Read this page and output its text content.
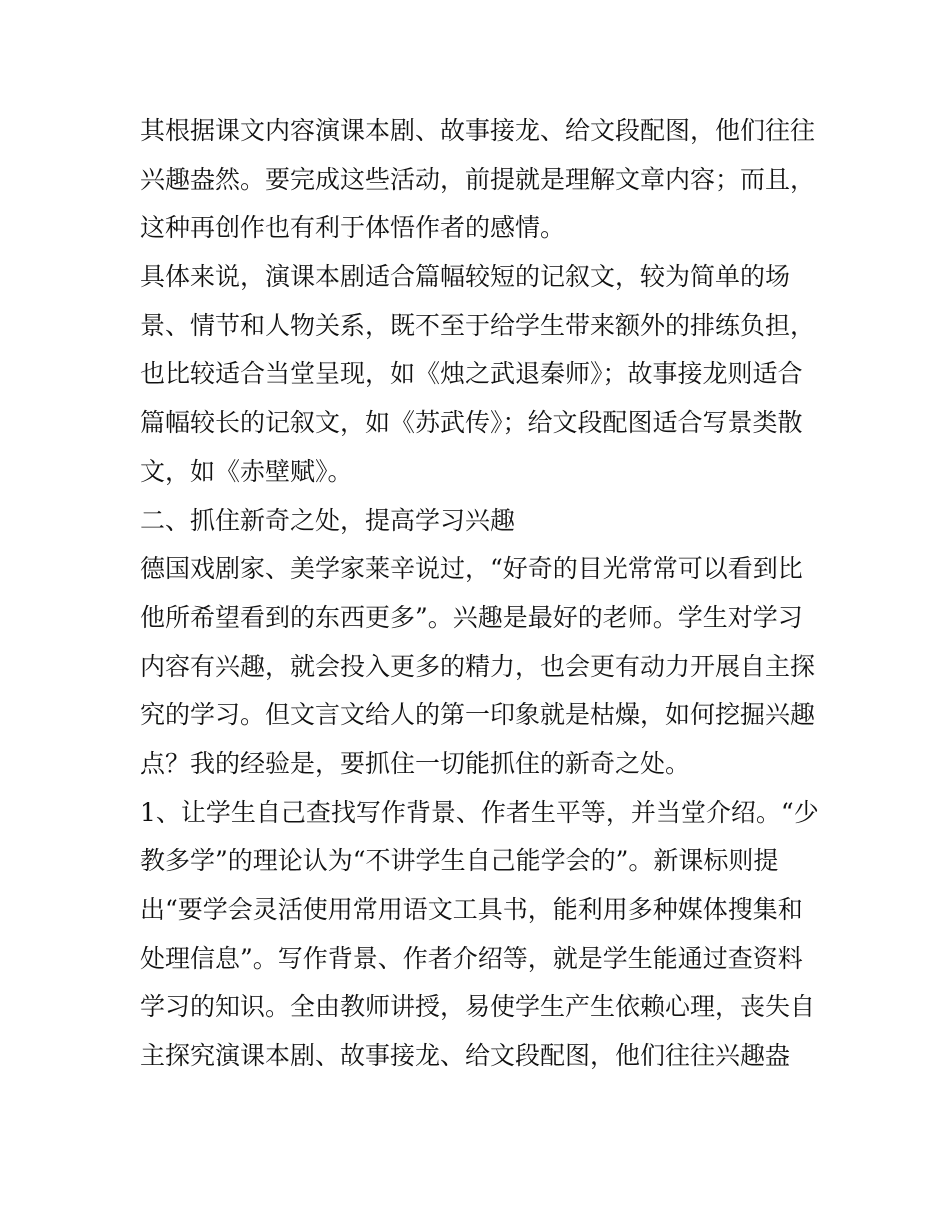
其根据课文内容演课本剧、故事接龙、给文段配图，他们往往
兴趣盎然。要完成这些活动，前提就是理解文章内容；而且，
这种再创作也有利于体悟作者的感情。
具体来说，演课本剧适合篇幅较短的记叙文，较为简单的场
景、情节和人物关系，既不至于给学生带来额外的排练负担，
也比较适合当堂呈现，如《烛之武退秦师》；故事接龙则适合
篇幅较长的记叙文，如《苏武传》；给文段配图适合写景类散
文，如《赤壁赋》。
二、抓住新奇之处，提高学习兴趣
德国戏剧家、美学家莱辛说过，“好奇的目光常常可以看到比
他所希望看到的东西更多”。兴趣是最好的老师。学生对学习
内容有兴趣，就会投入更多的精力，也会更有动力开展自主探
究的学习。但文言文给人的第一印象就是枯燥，如何挖掘兴趣
点？我的经验是，要抓住一切能抓住的新奇之处。
1、让学生自己查找写作背景、作者生平等，并当堂介绍。“少
教多学”的理论认为“不讲学生自己能学会的”。新课标则提
出“要学会灵活使用常用语文工具书，能利用多种媒体搜集和
处理信息”。写作背景、作者介绍等，就是学生能通过查资料
学习的知识。全由教师讲授，易使学生产生依赖心理，丧失自
主探究演课本剧、故事接龙、给文段配图，他们往往兴趣盎
